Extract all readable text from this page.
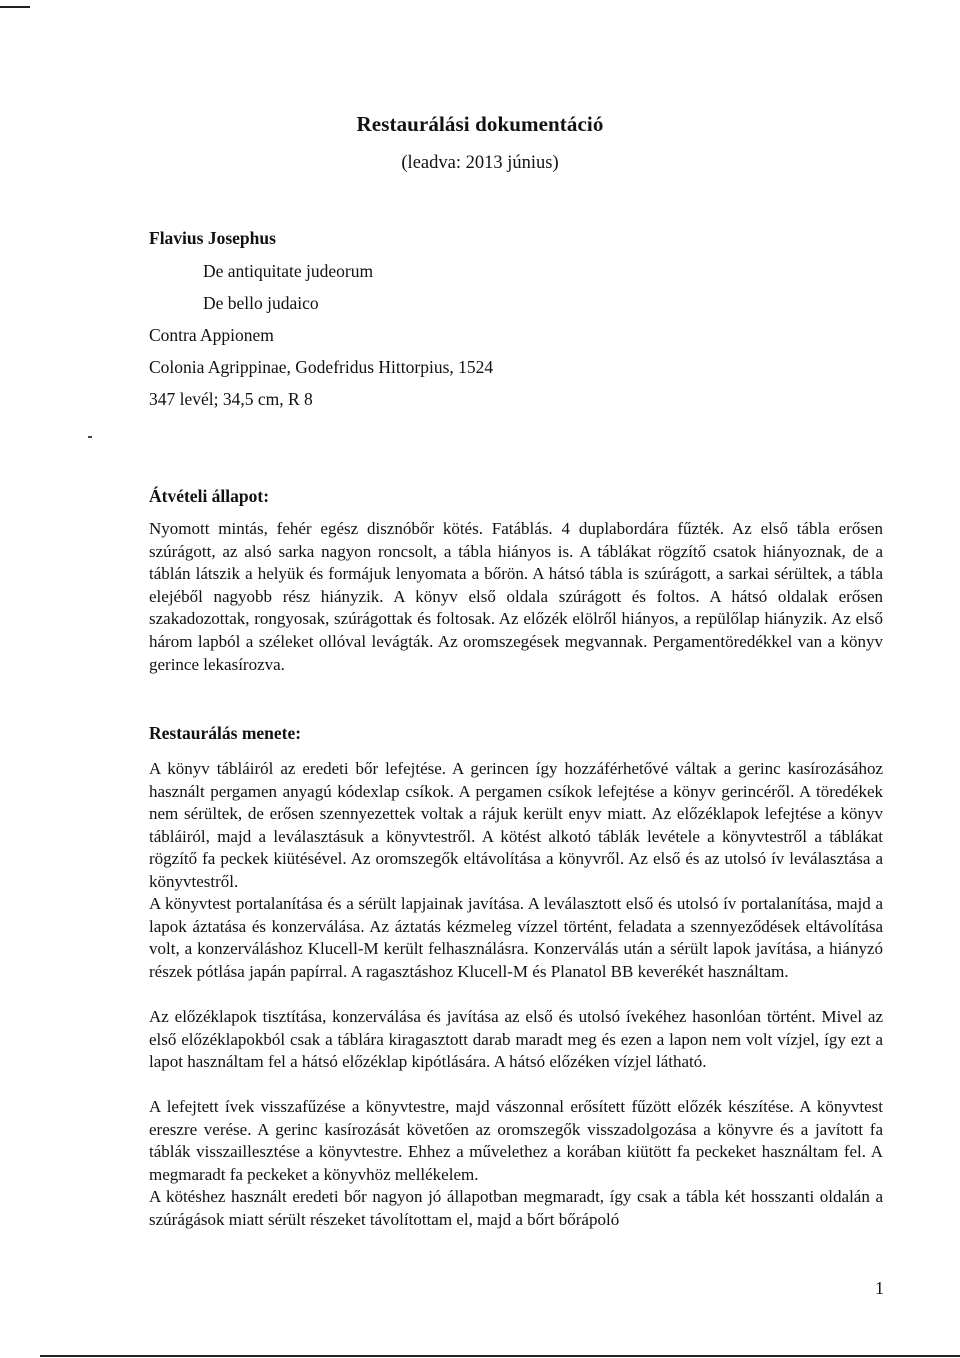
Restaurálási dokumentáció
(leadva: 2013 június)
Flavius Josephus
De antiquitate judeorum
De bello judaico
Contra Appionem
Colonia Agrippinae, Godefridus Hittorpius, 1524
347 levél; 34,5 cm, R 8
Átvételi állapot:
Nyomott mintás, fehér egész disznóbőr kötés. Fatáblás. 4 duplabordára fűzték. Az első tábla erősen szúrágott, az alsó sarka nagyon roncsolt, a tábla hiányos is. A táblákat rögzítő csatok hiányoznak, de a táblán látszik a helyük és formájuk lenyomata a bőrön. A hátsó tábla is szúrágott, a sarkai sérültek, a tábla elejéből nagyobb rész hiányzik. A könyv első oldala szúrágott és foltos. A hátsó oldalak erősen szakadozottak, rongyosak, szúrágottak és foltosak. Az előzék elölről hiányos, a repülőlap hiányzik. Az első három lapból a széleket ollóval levágták. Az oromszegések megvannak. Pergamentöredékkel van a könyv gerince lekasírozva.
Restaurálás menete:
A könyv tábláiról az eredeti bőr lefejtése. A gerincen így hozzáférhetővé váltak a gerinc kasírozásához használt pergamen anyagú kódexlap csíkok. A pergamen csíkok lefejtése a könyv gerincéről. A töredékek nem sérültek, de erősen szennyezettek voltak a rájuk került enyv miatt. Az előzéklapok lefejtése a könyv tábláiról, majd a leválasztásuk a könyvtestről. A kötést alkotó táblák levétele a könyvtestről a táblákat rögzítő fa peckek kiütésével. Az oromszegők eltávolítása a könyvről. Az első és az utolsó ív leválasztása a könyvtestről.
A könyvtest portalanítása és a sérült lapjainak javítása. A leválasztott első és utolsó ív portalanítása, majd a lapok áztatása és konzerválása. Az áztatás kézmeleg vízzel történt, feladata a szennyeződések eltávolítása volt, a konzerváláshoz Klucell-M került felhasználásra. Konzerválás után a sérült lapok javítása, a hiányzó részek pótlása japán papírral. A ragasztáshoz Klucell-M és Planatol BB keverékét használtam.
Az előzéklapok tisztítása, konzerválása és javítása az első és utolsó ívekéhez hasonlóan történt. Mivel az első előzéklapokból csak a táblára kiragasztott darab maradt meg és ezen a lapon nem volt vízjel, így ezt a lapot használtam fel a hátsó előzéklap kipótlására. A hátsó előzéken vízjel látható.
A lefejtett ívek visszafűzése a könyvtestre, majd vászonnal erősített fűzött előzék készítése. A könyvtest ereszre verése. A gerinc kasírozását követően az oromszegők visszadolgozása a könyvre és a javított fa táblák visszaillesztése a könyvtestre. Ehhez a művelethez a korában kiütött fa peckeket használtam fel. A megmaradt fa peckeket a könyvhöz mellékelem.
A kötéshez használt eredeti bőr nagyon jó állapotban megmaradt, így csak a tábla két hosszanti oldalán a szúrágások miatt sérült részeket távolítottam el, majd a bőrt bőrápoló
1
